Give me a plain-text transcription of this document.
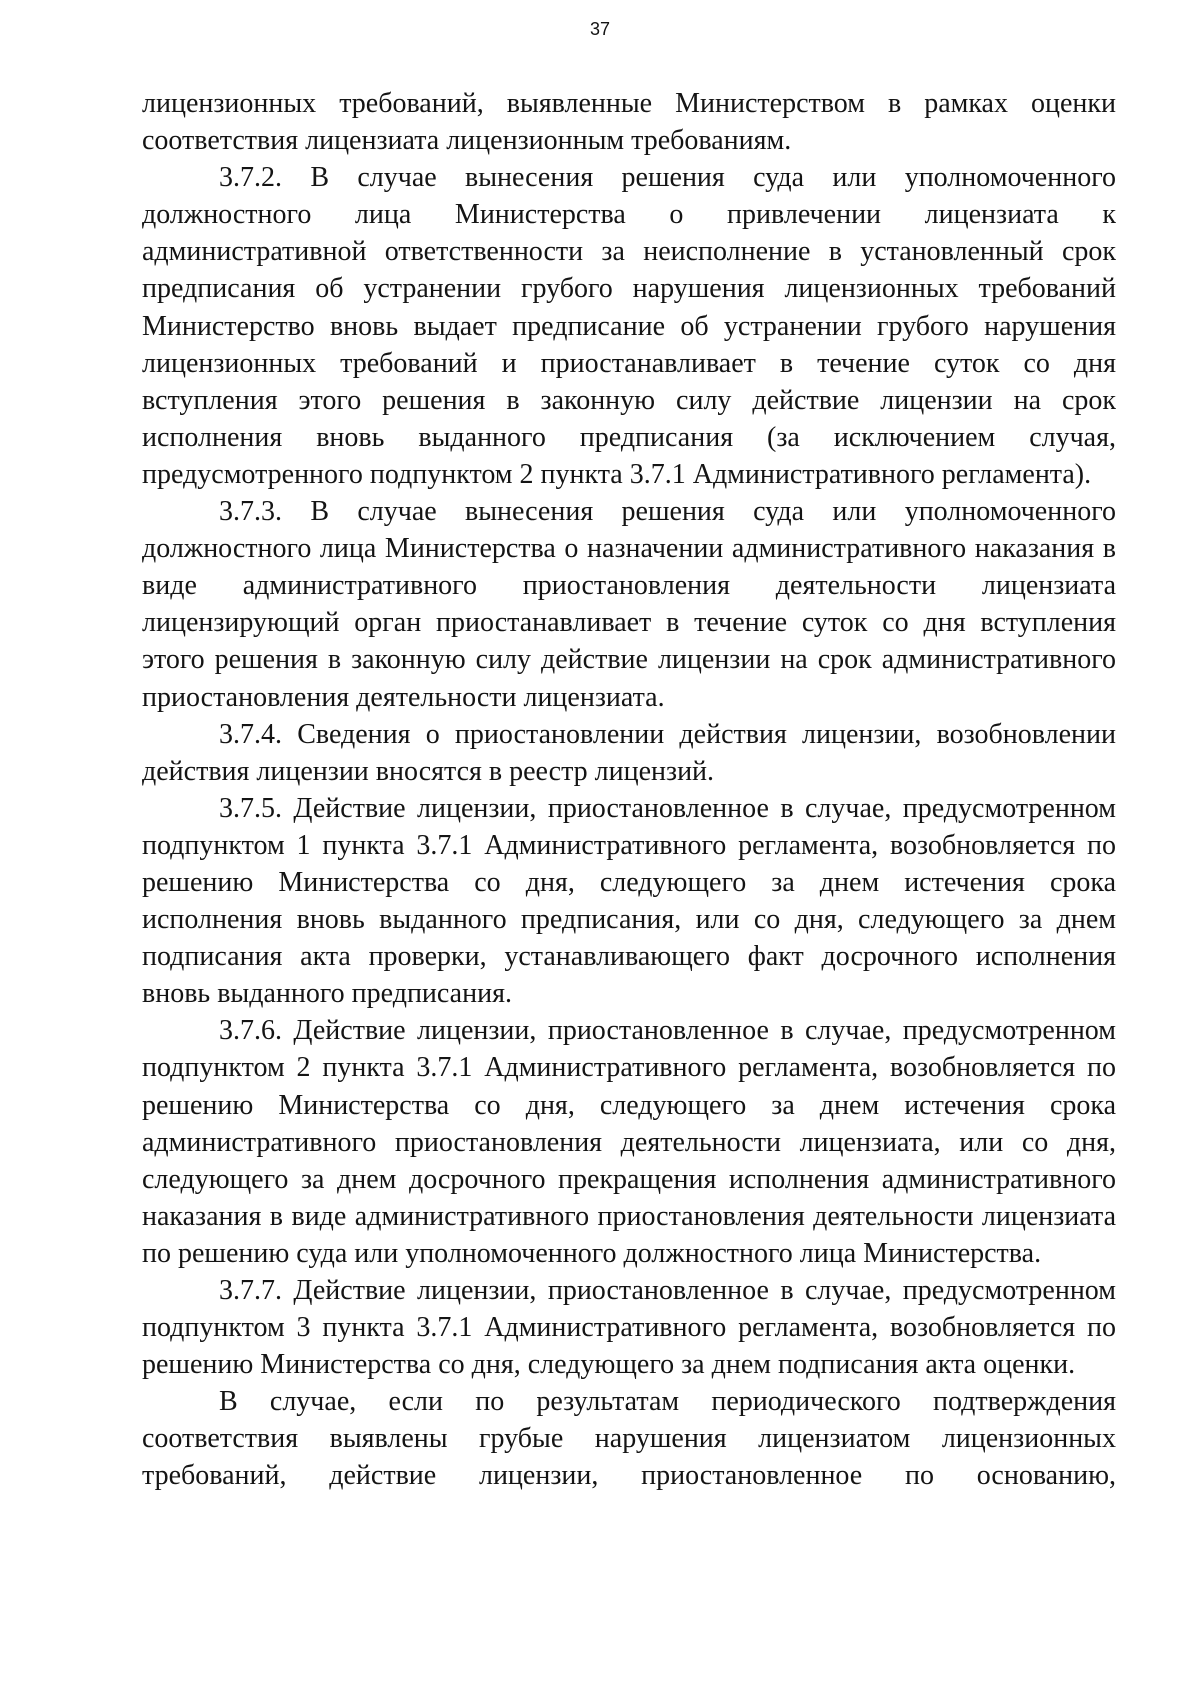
37

лицензионных требований, выявленные Министерством в рамках оценки соответствия лицензиата лицензионным требованиям.

3.7.2. В случае вынесения решения суда или уполномоченного должностного лица Министерства о привлечении лицензиата к административной ответственности за неисполнение в установленный срок предписания об устранении грубого нарушения лицензионных требований Министерство вновь выдает предписание об устранении грубого нарушения лицензионных требований и приостанавливает в течение суток со дня вступления этого решения в законную силу действие лицензии на срок исполнения вновь выданного предписания (за исключением случая, предусмотренного подпунктом 2 пункта 3.7.1 Административного регламента).

3.7.3. В случае вынесения решения суда или уполномоченного должностного лица Министерства о назначении административного наказания в виде административного приостановления деятельности лицензиата лицензирующий орган приостанавливает в течение суток со дня вступления этого решения в законную силу действие лицензии на срок административного приостановления деятельности лицензиата.

3.7.4. Сведения о приостановлении действия лицензии, возобновлении действия лицензии вносятся в реестр лицензий.

3.7.5. Действие лицензии, приостановленное в случае, предусмотренном подпунктом 1 пункта 3.7.1 Административного регламента, возобновляется по решению Министерства со дня, следующего за днем истечения срока исполнения вновь выданного предписания, или со дня, следующего за днем подписания акта проверки, устанавливающего факт досрочного исполнения вновь выданного предписания.

3.7.6. Действие лицензии, приостановленное в случае, предусмотренном подпунктом 2 пункта 3.7.1 Административного регламента, возобновляется по решению Министерства со дня, следующего за днем истечения срока административного приостановления деятельности лицензиата, или со дня, следующего за днем досрочного прекращения исполнения административного наказания в виде административного приостановления деятельности лицензиата по решению суда или уполномоченного должностного лица Министерства.

3.7.7. Действие лицензии, приостановленное в случае, предусмотренном подпунктом 3 пункта 3.7.1 Административного регламента, возобновляется по решению Министерства со дня, следующего за днем подписания акта оценки.

В случае, если по результатам периодического подтверждения соответствия выявлены грубые нарушения лицензиатом лицензионных требований, действие лицензии, приостановленное по основанию,
